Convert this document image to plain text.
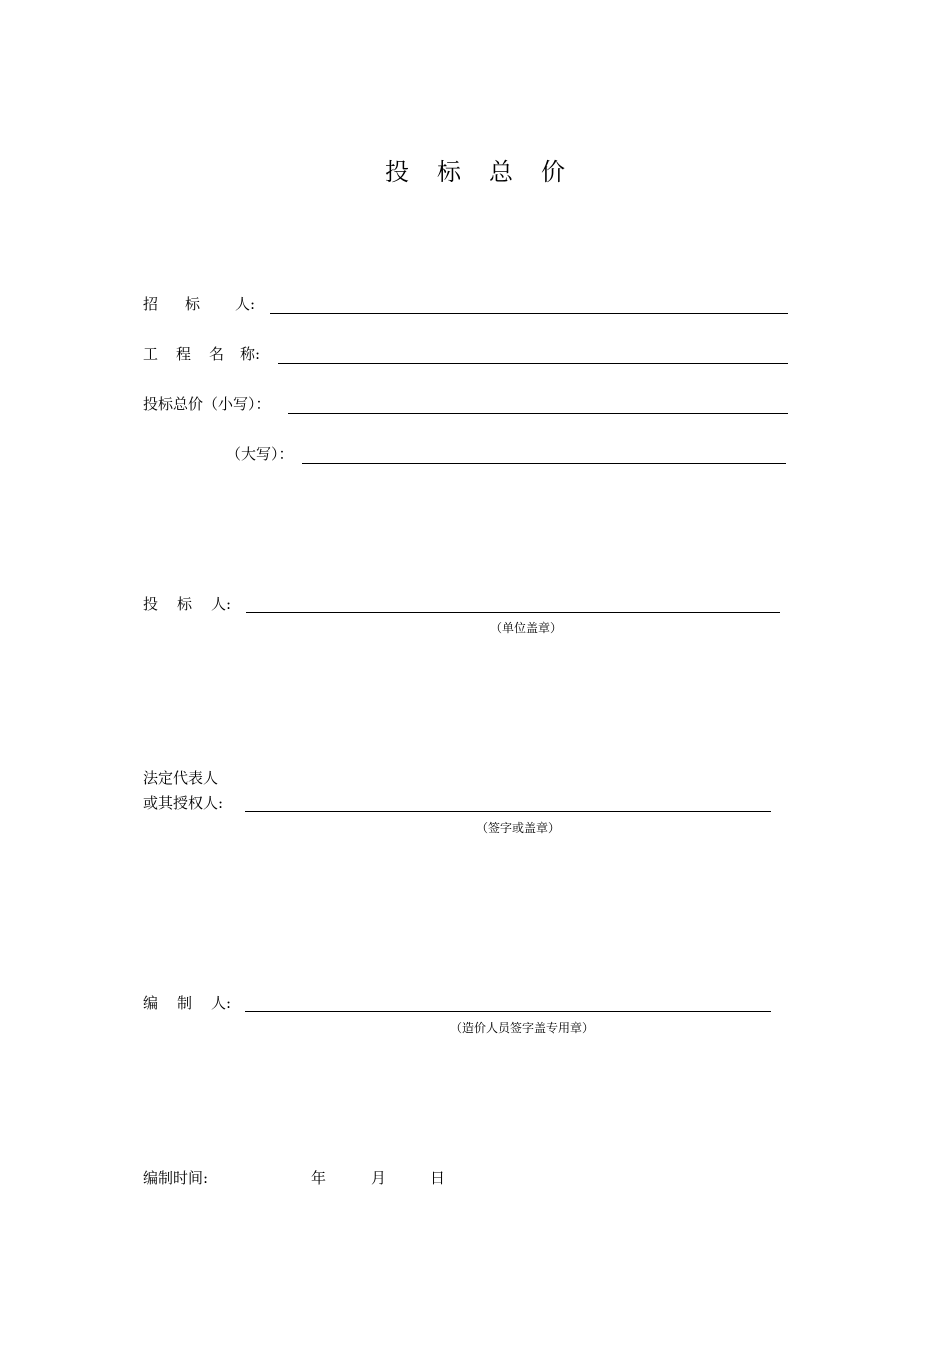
投 标 总 价
招 标 人:
工 程 名 称:
投标总价（小写）：
（大写）：
投 标 人:
（单位盖章）
法定代表人
或其授权人:
（签字或盖章）
编 制 人:
（造价人员签字盖专用章）
编制时间:	年	月	日
